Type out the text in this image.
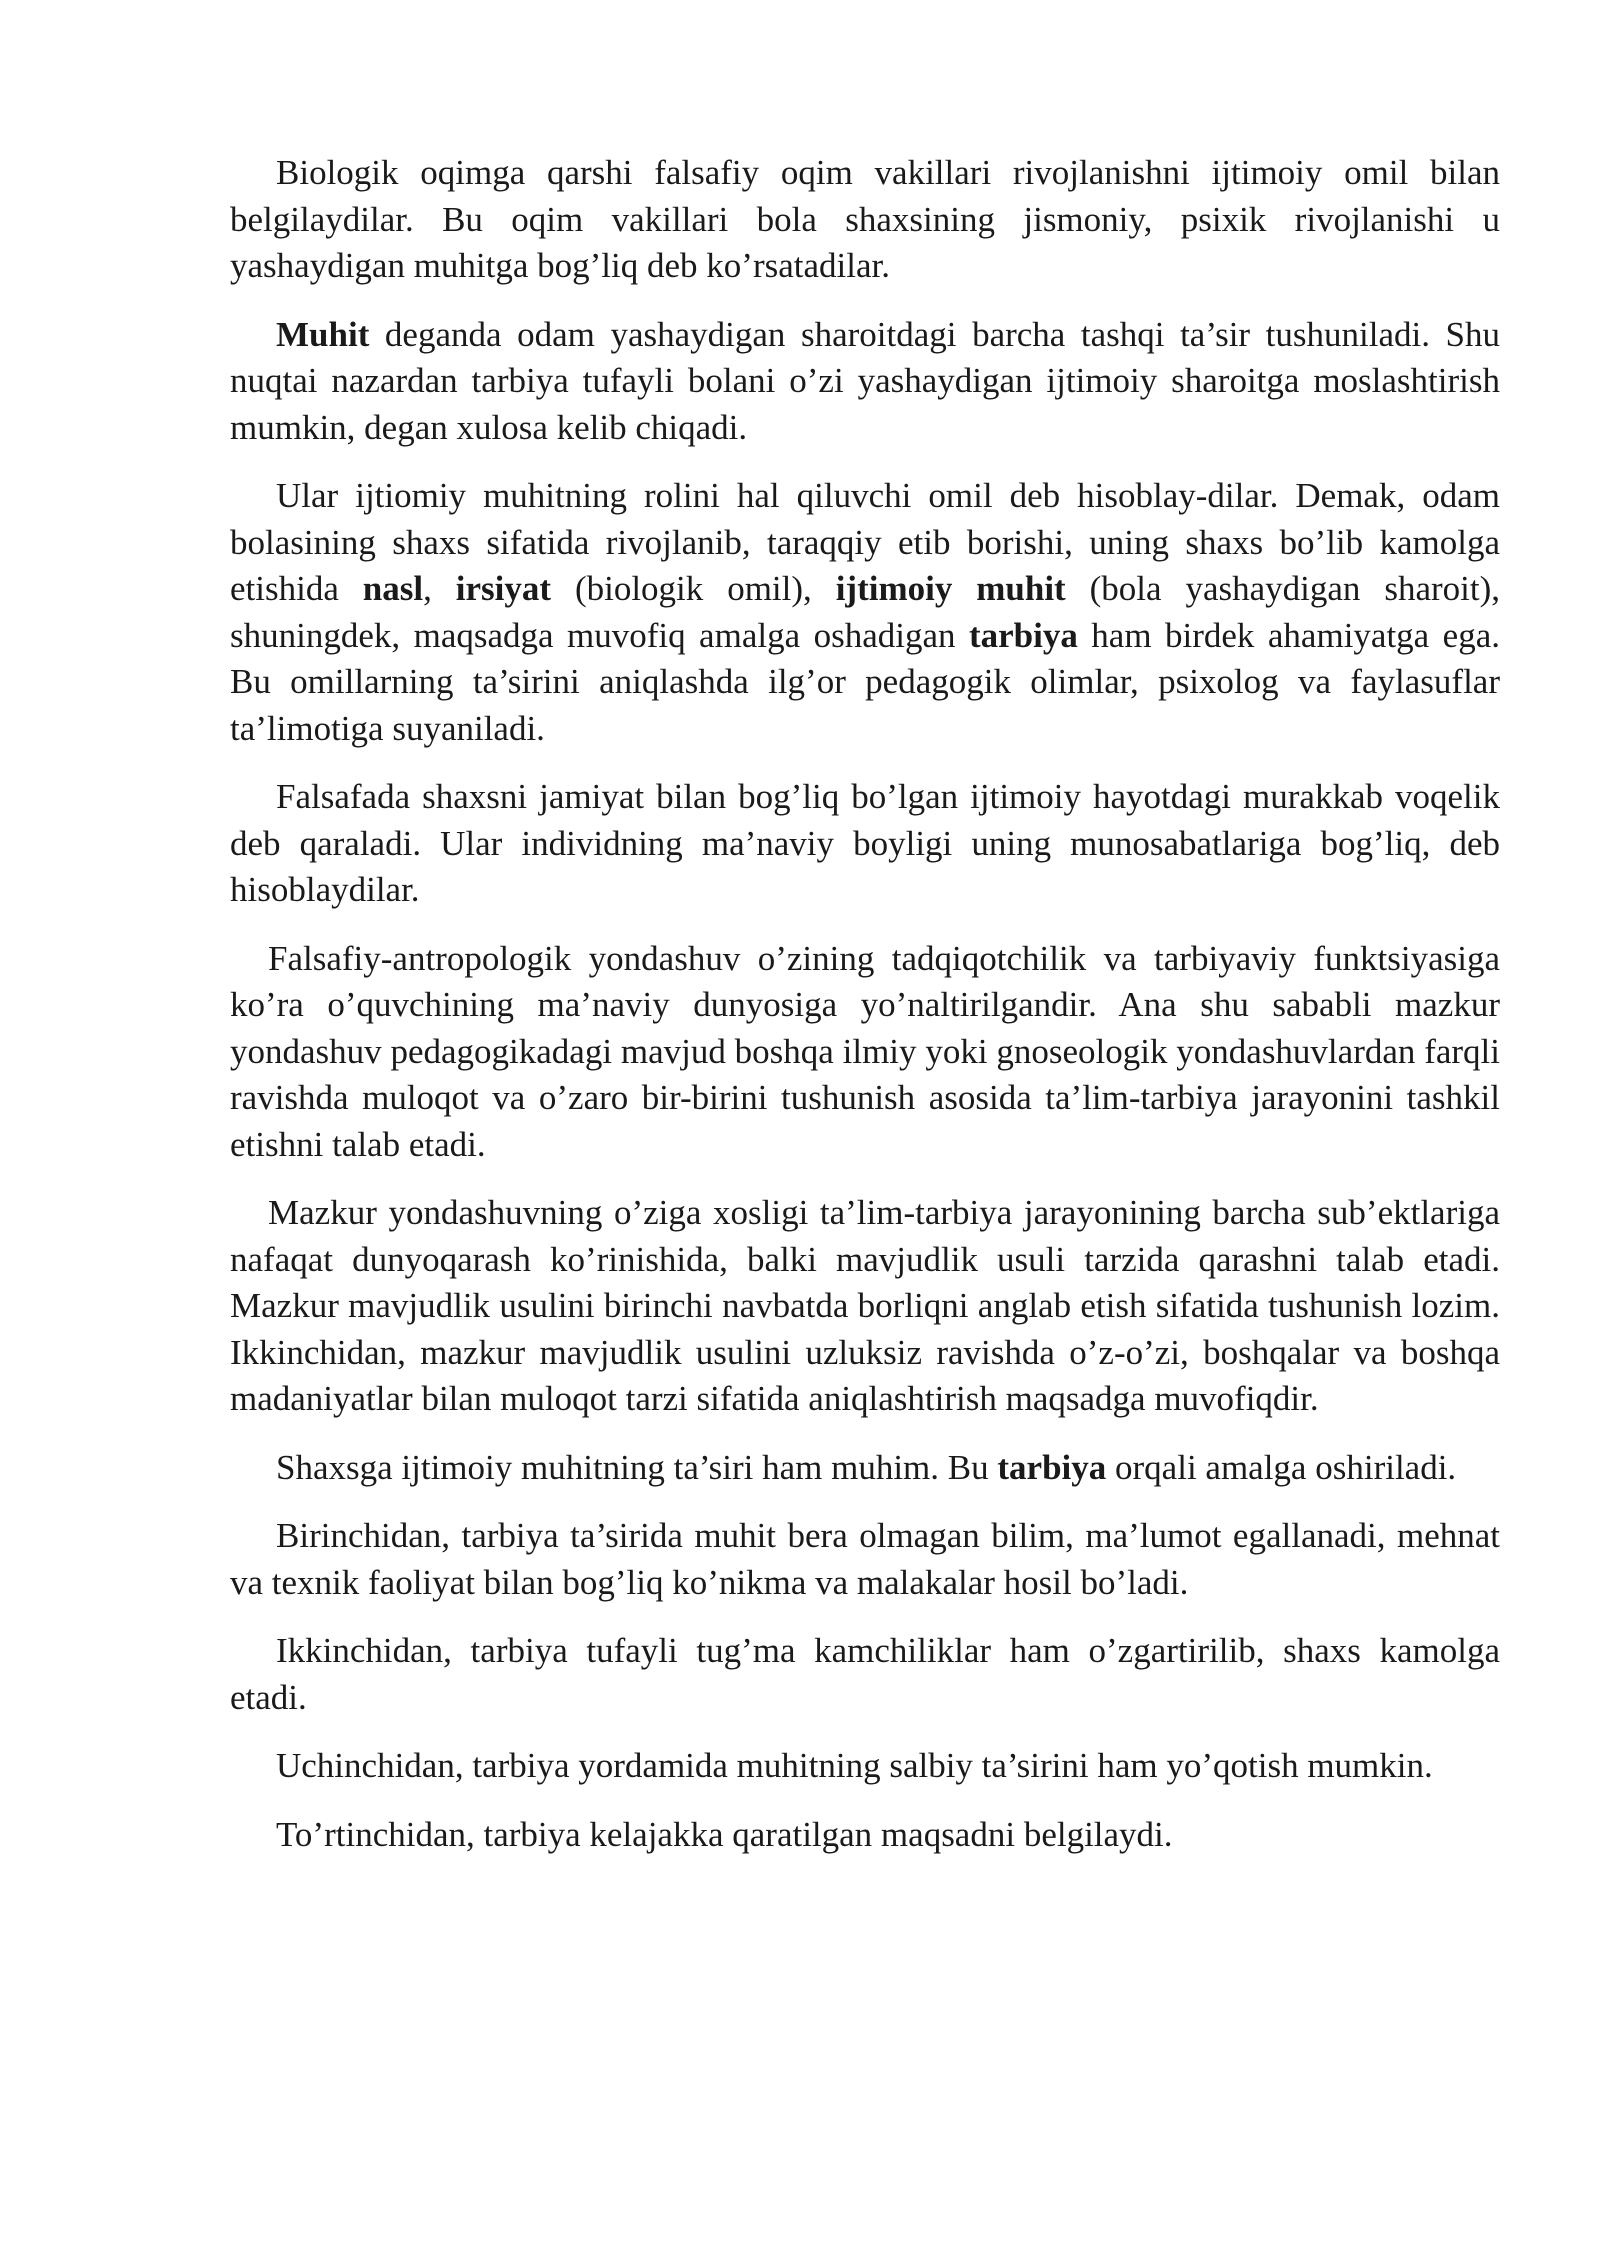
Biologik oqimga qarshi falsafiy oqim vakillari rivojlanishni ijtimoiy omil bilan belgilaydilar. Bu oqim vakillari bola shaxsining jismoniy, psixik rivojlanishi u yashaydigan muhitga bog’liq deb ko’rsatadilar.

Muhit deganda odam yashaydigan sharoitdagi barcha tashqi ta’sir tushuniladi. Shu nuqtai nazardan tarbiya tufayli bolani o’zi yashaydigan ijtimoiy sharoitga moslashtirish mumkin, degan xulosa kelib chiqadi.

Ular ijtiomiy muhitning rolini hal qiluvchi omil deb hisoblay-dilar. Demak, odam bolasining shaxs sifatida rivojlanib, taraqqiy etib borishi, uning shaxs bo’lib kamolga etishida nasl, irsiyat (biologik omil), ijtimoiy muhit (bola yashaydigan sharoit), shuningdek, maqsadga muvofiq amalga oshadigan tarbiya ham birdek ahamiyatga ega. Bu omillarning ta’sirini aniqlashda ilg’or pedagogik olimlar, psixolog va faylasuflar ta’limotiga suyaniladi.

Falsafada shaxsni jamiyat bilan bog’liq bo’lgan ijtimoiy hayotdagi murakkab voqelik deb qaraladi. Ular individning ma’naviy boyligi uning munosabatlariga bog’liq, deb hisoblaydilar.

Falsafiy-antropologik yondashuv o’zining tadqiqotchilik va tarbiyaviy funktsiyasiga ko’ra o’quvchining ma’naviy dunyosiga yo’naltirilgandir. Ana shu sababli mazkur yondashuv pedagogikadagi mavjud boshqa ilmiy yoki gnoseologik yondashuvlardan farqli ravishda muloqot va o’zaro bir-birini tushunish asosida ta’lim-tarbiya jarayonini tashkil etishni talab etadi.

Mazkur yondashuvning o’ziga xosligi ta’lim-tarbiya jarayonining barcha sub’ektlariga nafaqat dunyoqarash ko’rinishida, balki mavjudlik usuli tarzida qarashni talab etadi. Mazkur mavjudlik usulini birinchi navbatda borliqni anglab etish sifatida tushunish lozim. Ikkinchidan, mazkur mavjudlik usulini uzluksiz ravishda o’z-o’zi, boshqalar va boshqa madaniyatlar bilan muloqot tarzi sifatida aniqlashtirish maqsadga muvofiqdir.

Shaxsga ijtimoiy muhitning ta’siri ham muhim. Bu tarbiya orqali amalga oshiriladi.

Birinchidan, tarbiya ta’sirida muhit bera olmagan bilim, ma’lumot egallanadi, mehnat va texnik faoliyat bilan bog’liq ko’nikma va malakalar hosil bo’ladi.

Ikkinchidan, tarbiya tufayli tug’ma kamchiliklar ham o’zgartirilib, shaxs kamolga etadi.

Uchinchidan, tarbiya yordamida muhitning salbiy ta’sirini ham yo’qotish mumkin.

To’rtinchidan, tarbiya kelajakka qaratilgan maqsadni belgilaydi.
